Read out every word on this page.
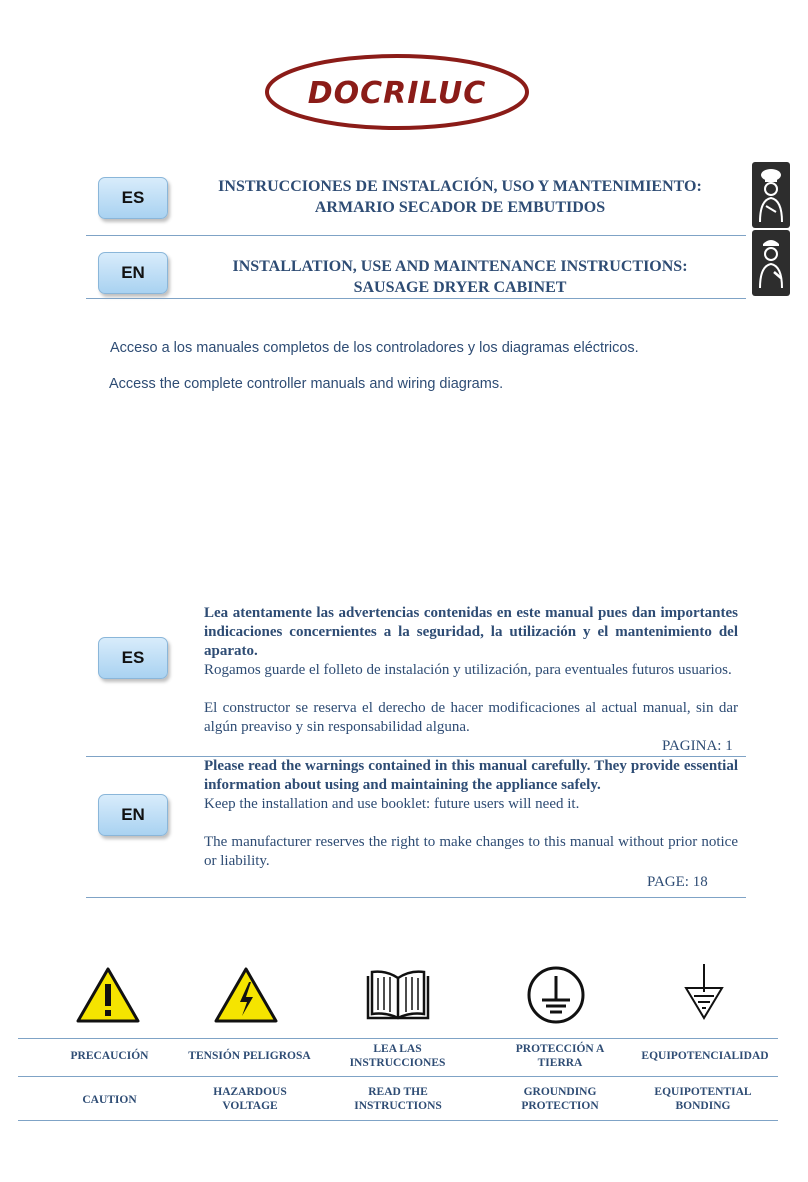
DOCRILUC
ES
INSTRUCCIONES DE INSTALACIÓN, USO Y MANTENIMIENTO:
ARMARIO SECADOR DE EMBUTIDOS
EN	INSTALLATION, USE AND MAINTENANCE INSTRUCTIONS:
SAUSAGE DRYER CABINET
Acceso a los manuales completos de los controladores y los diagramas eléctricos.
Access the complete controller manuals and wiring diagrams.
ES

Lea atentamente las advertencias contenidas en este manual pues dan importantes indicaciones concernientes a la seguridad, la utilización y el mantenimiento del aparato.

Rogamos guarde el folleto de instalación y utilización, para eventuales futuros usuarios.

El constructor se reserva el derecho de hacer modificaciones al actual manual, sin dar algún preaviso y sin responsabilidad alguna.

PAGINA: 1
EN

Please read the warnings contained in this manual carefully. They provide essential information about using and maintaining the appliance safely.

Keep the installation and use booklet: future users will need it.

The manufacturer reserves the right to make changes to this manual without prior notice or liability.

PAGE: 18
PRECAUCIÓN	TENSIÓN PELIGROSA
LEA LAS INSTRUCCIONES
PROTECCIÓN A TIERRA
EQUIPOTENCIALIDAD
CAUTION
HAZARDOUS VOLTAGE
READ THE INSTRUCTIONS
GROUNDING PROTECTION
EQUIPOTENTIAL BONDING
